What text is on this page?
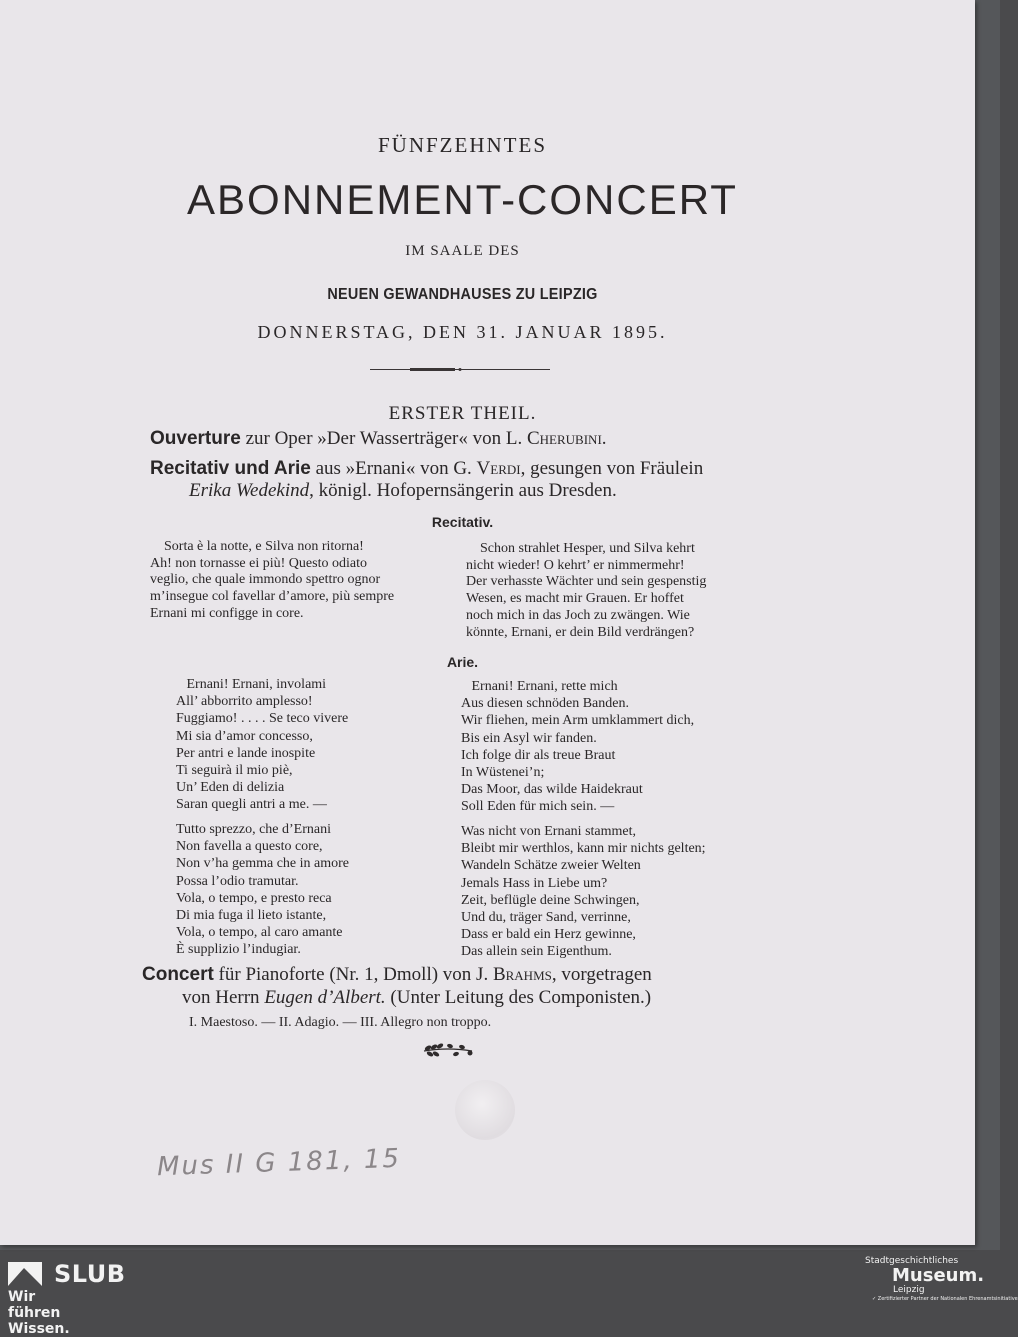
FÜNFZEHNTES
ABONNEMENT-CONCERT
IM SAALE DES
NEUEN GEWANDHAUSES ZU LEIPZIG
DONNERSTAG, DEN 31. JANUAR 1895.
ERSTER THEIL.
Ouverture zur Oper »Der Wasserträger« von L. Cherubini.
Recitativ und Arie aus »Ernani« von G. Verdi, gesungen von Fräulein
Erika Wedekind, königl. Hofopernsängerin aus Dresden.
Recitativ.
Sorta è la notte, e Silva non ritorna!
Ah! non tornasse ei più! Questo odiato
veglio, che quale immondo spettro ognor
m’insegue col favellar d’amore, più sempre
Ernani mi configge in core.
Schon strahlet Hesper, und Silva kehrt
nicht wieder! O kehrt’ er nimmermehr!
Der verhasste Wächter und sein gespenstig
Wesen, es macht mir Grauen. Er hoffet
noch mich in das Joch zu zwängen. Wie
könnte, Ernani, er dein Bild verdrängen?
Arie.
Ernani! Ernani, involami
All’ abborrito amplesso!
Fuggiamo! . . . . Se teco vivere
Mi sia d’amor concesso,
Per antri e lande inospite
Ti seguirà il mio piè,
Un’ Eden di delizia
Saran quegli antri a me. —
Ernani! Ernani, rette mich
Aus diesen schnöden Banden.
Wir fliehen, mein Arm umklammert dich,
Bis ein Asyl wir fanden.
Ich folge dir als treue Braut
In Wüstenei’n;
Das Moor, das wilde Haidekraut
Soll Eden für mich sein. —
Tutto sprezzo, che d’Ernani
Non favella a questo core,
Non v’ha gemma che in amore
Possa l’odio tramutar.
Vola, o tempo, e presto reca
Di mia fuga il lieto istante,
Vola, o tempo, al caro amante
È supplizio l’indugiar.
Was nicht von Ernani stammet,
Bleibt mir werthlos, kann mir nichts gelten;
Wandeln Schätze zweier Welten
Jemals Hass in Liebe um?
Zeit, beflügle deine Schwingen,
Und du, träger Sand, verrinne,
Dass er bald ein Herz gewinne,
Das allein sein Eigenthum.
Concert für Pianoforte (Nr. 1, Dmoll) von J. Brahms, vorgetragen
von Herrn Eugen d’Albert. (Unter Leitung des Componisten.)
I. Maestoso. — II. Adagio. — III. Allegro non troppo.
Mus II G 181, 15
SLUB
Wir führen Wissen.
Stadtgeschichtliches
Museum.
Leipzig
✓ Zertifizierter Partner der Nationalen Ehrenamtsinitiative
